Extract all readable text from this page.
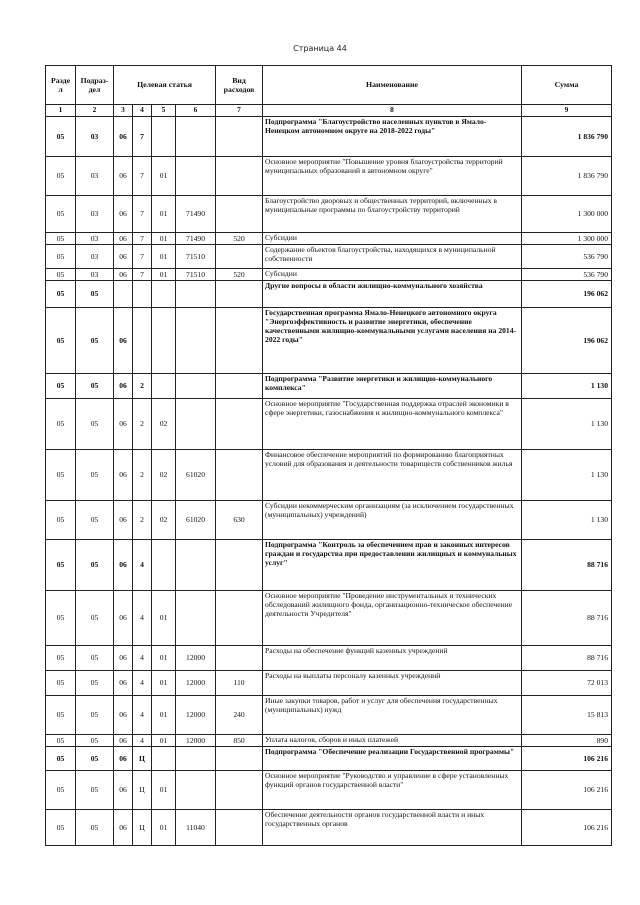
Страница 44
Разде л	Подраз- дел	Целевая статья				Вид расходов	Наименование	Сумма
1	2	3	4	5	6	7	8	9
05	03	06	7				Подпрограмма "Благоустройство населенных пунктов в Ямало-Ненецком автономном округе на 2018-2022 годы"	1 836 790
05	03	06	7	01			Основное мероприятие "Повышение уровня благоустройства территорий муниципальных образований в автономном округе"	1 836 790
05	03	06	7	01	71490		Благоустройство дворовых и общественных территорий, включенных в муниципальные программы по благоустройству территорий	1 300 000
05	03	06	7	01	71490	520	Субсидии	1 300 000
05	03	06	7	01	71510		Содержание объектов благоустройства, находящихся в муниципальной собственности	536 790
05	03	06	7	01	71510	520	Субсидии	536 790
05	05						Другие вопросы в области жилищно-коммунального хозяйства	196 062
05	05	06					Государственная программа Ямало-Ненецкого автономного округа "Энергоэффективность и развитие энергетики, обеспечение качественными жилищно-коммунальными услугами населения на 2014-2022 годы"	196 062
05	05	06	2				Подпрограмма "Развитие энергетики и жилищно-коммунального комплекса"	1 130
05	05	06	2	02			Основное мероприятие "Государственная поддержка отраслей экономики в сфере энергетики, газоснабжения и жилищно-коммунального комплекса"	1 130
05	05	06	2	02	61020		Финансовое обеспечение мероприятий по формированию благоприятных условий для образования и деятельности товариществ собственников жилья	1 130
05	05	06	2	02	61020	630	Субсидии некоммерческим организациям (за исключением государственных (муниципальных) учреждений)	1 130
05	05	06	4				Подпрограмма "Контроль за обеспечением прав и законных интересов граждан и государства при предоставлении жилищных и коммунальных услуг"	88 716
05	05	06	4	01			Основное мероприятие "Проведение инструментальных и технических обследований жилищного фонда, организационно-техническое обеспечение деятельности Учредителя"	88 716
05	05	06	4	01	12000		Расходы на обеспечение функций казенных учреждений	88 716
05	05	06	4	01	12000	110	Расходы на выплаты персоналу казенных учреждений	72 013
05	05	06	4	01	12000	240	Иные закупки товаров, работ и услуг для обеспечения государственных (муниципальных) нужд	15 813
05	05	06	4	01	12000	850	Уплата налогов, сборов и иных платежей	890
05	05	06	Ц				Подпрограмма "Обеспечение реализации Государственной программы"	106 216
05	05	06	Ц	01			Основное мероприятие "Руководство и управление в сфере установленных функций органов государственной власти"	106 216
05	05	06	Ц	01	11040		Обеспечение деятельности органов государственной власти и иных государственных органов	106 216
